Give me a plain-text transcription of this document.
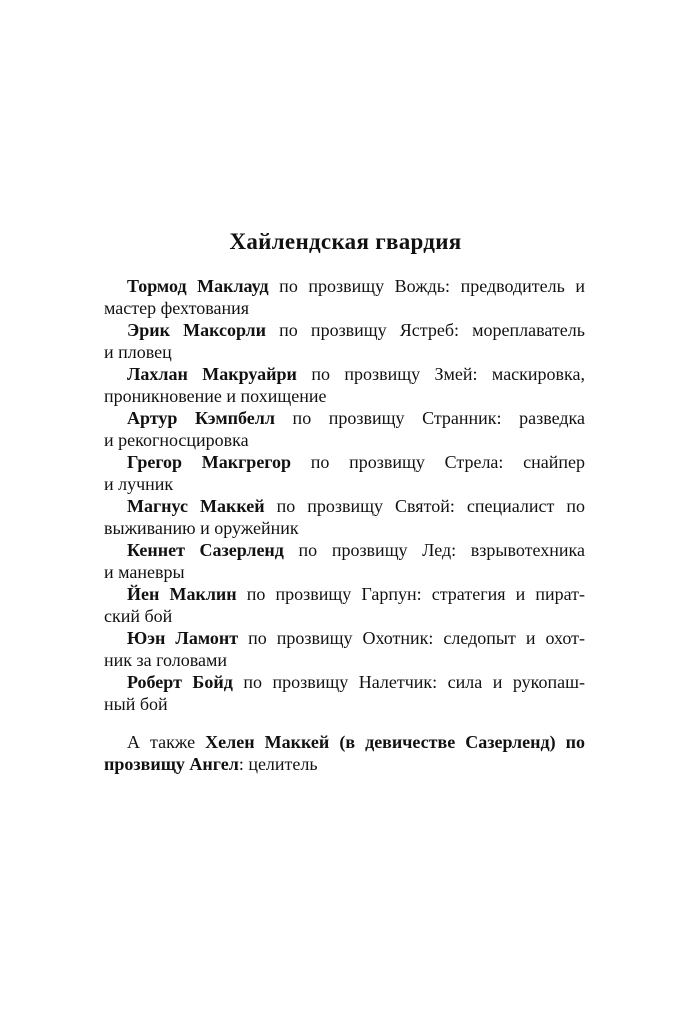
Хайлендская гвардия
Тормод Маклауд по прозвищу Вождь: предводитель и
мастер фехтования
Эрик Максорли по прозвищу Ястреб: мореплаватель
и пловец
Лахлан Макруайри по прозвищу Змей: маскировка,
проникновение и похищение
Артур Кэмпбелл по прозвищу Странник: разведка
и рекогносцировка
Грегор Макгрегор по прозвищу Стрела: снайпер
и лучник
Магнус Маккей по прозвищу Святой: специалист по
выживанию и оружейник
Кеннет Сазерленд по прозвищу Лед: взрывотехника
и маневры
Йен Маклин по прозвищу Гарпун: стратегия и пират-
ский бой
Юэн Ламонт по прозвищу Охотник: следопыт и охот-
ник за головами
Роберт Бойд по прозвищу Налетчик: сила и рукопаш-
ный бой
А также Хелен Маккей (в девичестве Сазерленд) по
прозвищу Ангел: целитель
